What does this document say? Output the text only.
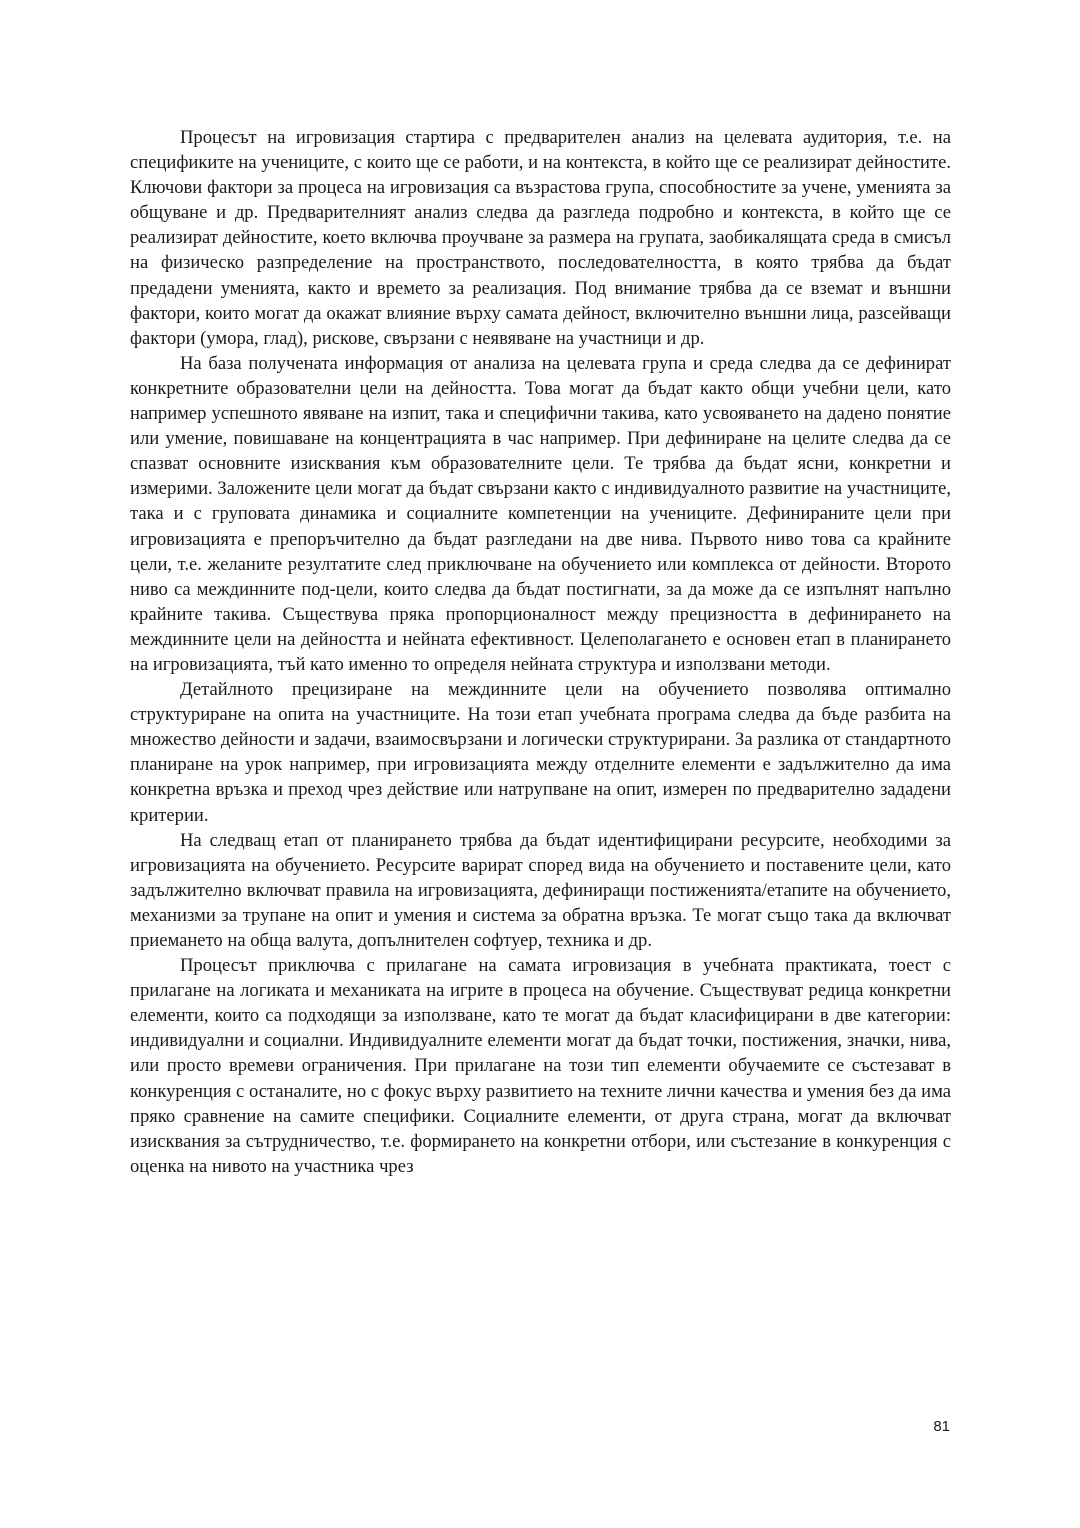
Процесът на игровизация стартира с предварителен анализ на целевата аудитория, т.е. на спецификите на учениците, с които ще се работи, и на контекста, в който ще се реализират дейностите. Ключови фактори за процеса на игровизация са възрастова група, способностите за учене, уменията за общуване и др. Предварителният анализ следва да разгледа подробно и контекста, в който ще се реализират дейностите, което включва проучване за размера на групата, заобикалящата среда в смисъл на физическо разпределение на пространството, последователността, в която трябва да бъдат предадени уменията, както и времето за реализация. Под внимание трябва да се вземат и външни фактори, които могат да окажат влияние върху самата дейност, включително външни лица, разсейващи фактори (умора, глад), рискове, свързани с неявяване на участници и др.

На база получената информация от анализа на целевата група и среда следва да се дефинират конкретните образователни цели на дейността. Това могат да бъдат както общи учебни цели, като например успешното явяване на изпит, така и специфични такива, като усвояването на дадено понятие или умение, повишаване на концентрацията в час например. При дефиниране на целите следва да се спазват основните изисквания към образователните цели. Те трябва да бъдат ясни, конкретни и измерими. Заложените цели могат да бъдат свързани както с индивидуалното развитие на участниците, така и с груповата динамика и социалните компетенции на учениците. Дефинираните цели при игровизацията е препоръчително да бъдат разгледани на две нива. Първото ниво това са крайните цели, т.е. желаните резултатите след приключване на обучението или комплекса от дейности. Второто ниво са междинните под-цели, които следва да бъдат постигнати, за да може да се изпълнят напълно крайните такива. Съществува пряка пропорционалност между прецизността в дефинирането на междинните цели на дейността и нейната ефективност. Целеполагането е основен етап в планирането на игровизацията, тъй като именно то определя нейната структура и използвани методи.

Детайлното прецизиране на междинните цели на обучението позволява оптимално структуриране на опита на участниците. На този етап учебната програма следва да бъде разбита на множество дейности и задачи, взаимосвързани и логически структурирани. За разлика от стандартното планиране на урок например, при игровизацията между отделните елементи е задължително да има конкретна връзка и преход чрез действие или натрупване на опит, измерен по предварително зададени критерии.

На следващ етап от планирането трябва да бъдат идентифицирани ресурсите, необходими за игровизацията на обучението. Ресурсите варират според вида на обучението и поставените цели, като задължително включват правила на игровизацията, дефиниращи постиженията/етапите на обучението, механизми за трупане на опит и умения и система за обратна връзка. Те могат също така да включват приемането на обща валута, допълнителен софтуер, техника и др.

Процесът приключва с прилагане на самата игровизация в учебната практиката, тоест с прилагане на логиката и механиката на игрите в процеса на обучение. Съществуват редица конкретни елементи, които са подходящи за използване, като те могат да бъдат класифицирани в две категории: индивидуални и социални. Индивидуалните елементи могат да бъдат точки, постижения, значки, нива, или просто времеви ограничения. При прилагане на този тип елементи обучаемите се състезават в конкуренция с останалите, но с фокус върху развитието на техните лични качества и умения без да има пряко сравнение на самите специфики. Социалните елементи, от друга страна, могат да включват изисквания за сътрудничество, т.е. формирането на конкретни отбори, или състезание в конкуренция с оценка на нивото на участника чрез

81
